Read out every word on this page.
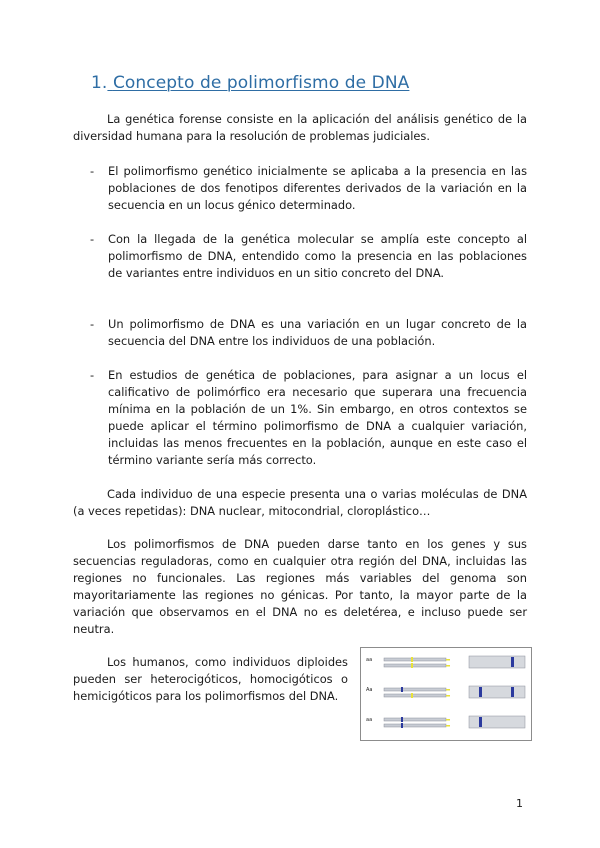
1. Concepto de polimorfismo de DNA

La genética forense consiste en la aplicación del análisis genético de la diversidad humana para la resolución de problemas judiciales.

- El polimorfismo genético inicialmente se aplicaba a la presencia en las poblaciones de dos fenotipos diferentes derivados de la variación en la secuencia en un locus génico determinado.
- Con la llegada de la genética molecular se amplía este concepto al polimorfismo de DNA, entendido como la presencia en las poblaciones de variantes entre individuos en un sitio concreto del DNA.
- Un polimorfismo de DNA es una variación en un lugar concreto de la secuencia del DNA entre los individuos de una población.
- En estudios de genética de poblaciones, para asignar a un locus el calificativo de polimórfico era necesario que superara una frecuencia mínima en la población de un 1%. Sin embargo, en otros contextos se puede aplicar el término polimorfismo de DNA a cualquier variación, incluidas las menos frecuentes en la población, aunque en este caso el término variante sería más correcto.

Cada individuo de una especie presenta una o varias moléculas de DNA (a veces repetidas): DNA nuclear, mitocondrial, cloroplástico…

Los polimorfismos de DNA pueden darse tanto en los genes y sus secuencias reguladoras, como en cualquier otra región del DNA, incluidas las regiones no funcionales. Las regiones más variables del genoma son mayoritariamente las regiones no génicas. Por tanto, la mayor parte de la variación que observamos en el DNA no es deletérea, e incluso puede ser neutra.

Los humanos, como individuos diploides pueden ser heterocigóticos, homocigóticos o hemicigóticos para los polimorfismos del DNA.

aa
Aa
aa
1
